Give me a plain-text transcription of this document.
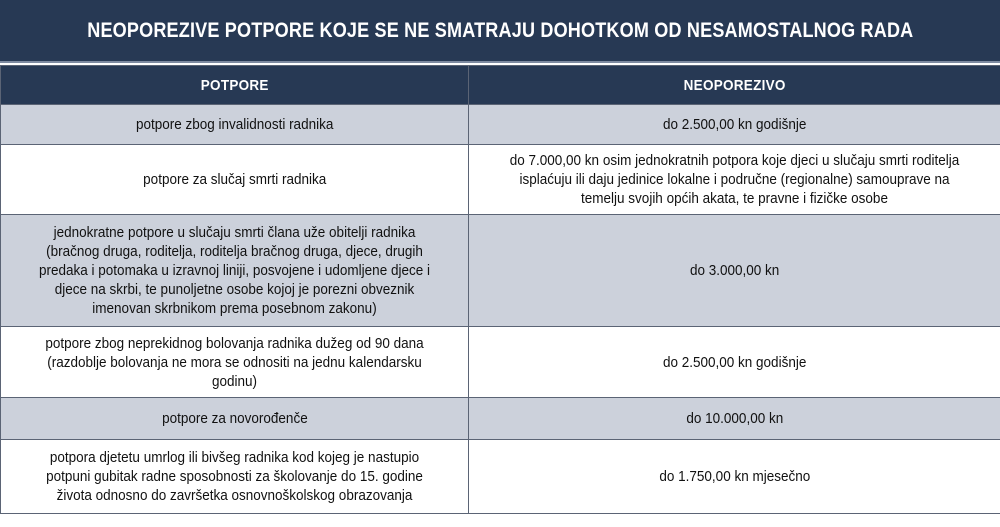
NEOPOREZIVE POTPORE KOJE SE NE SMATRAJU DOHOTKOM OD NESAMOSTALNOG RADA
POTPORE	NEOPOREZIVO
potpore zbog invalidnosti radnika	do 2.500,00 kn godišnje
potpore za slučaj smrti radnika	do 7.000,00 kn osim jednokratnih potpora koje djeci u slučaju smrti roditelja isplaćuju ili daju jedinice lokalne i područne (regionalne) samouprave na temelju svojih općih akata, te pravne i fizičke osobe
jednokratne potpore u slučaju smrti člana uže obitelji radnika (bračnog druga, roditelja, roditelja bračnog druga, djece, drugih predaka i potomaka u izravnoj liniji, posvojene i udomljene djece i djece na skrbi, te punoljetne osobe kojoj je porezni obveznik imenovan skrbnikom prema posebnom zakonu)	do 3.000,00 kn
potpore zbog neprekidnog bolovanja radnika dužeg od 90 dana (razdoblje bolovanja ne mora se odnositi na jednu kalendarsku godinu)	do 2.500,00 kn godišnje
potpore za novorođenče	do 10.000,00 kn
potpora djetetu umrlog ili bivšeg radnika kod kojeg je nastupio potpuni gubitak radne sposobnosti za školovanje do 15. godine života odnosno do završetka osnovnoškolskog obrazovanja	do 1.750,00 kn mjesečno
